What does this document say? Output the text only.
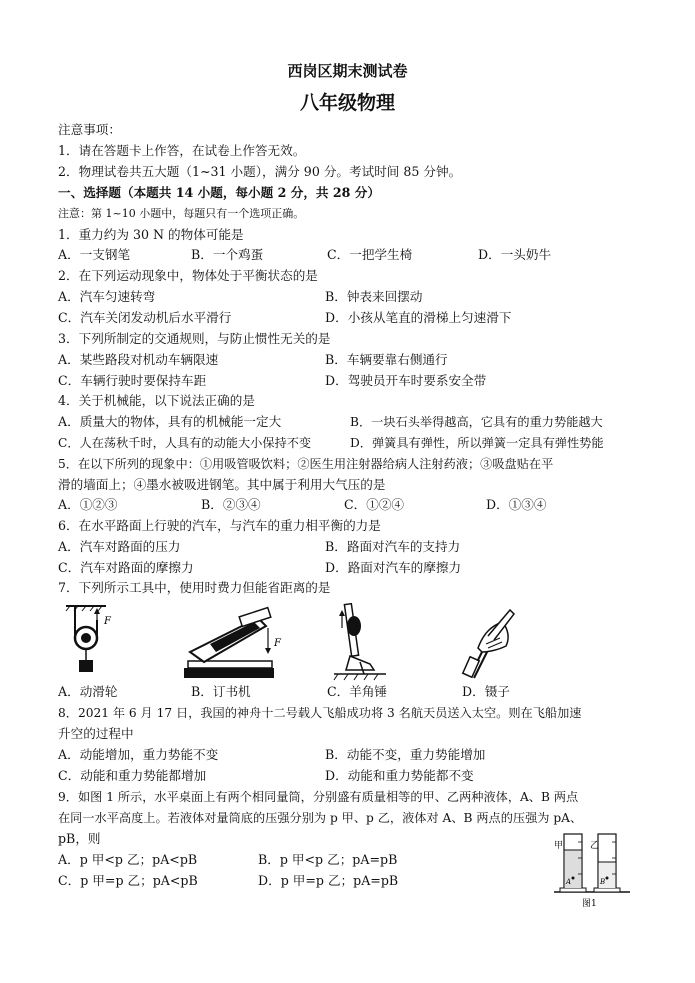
西岗区期末测试卷
八年级物理
注意事项：
1．请在答题卡上作答，在试卷上作答无效。
2．物理试卷共五大题（1~31 小题），满分 90 分。考试时间 85 分钟。
一、选择题（本题共 14 小题，每小题 2 分，共 28 分）
注意：第 1~10 小题中，每题只有一个选项正确。
1．重力约为 30 N 的物体可能是
A．一支钢笔	B．一个鸡蛋	C．一把学生椅	D．一头奶牛
2．在下列运动现象中，物体处于平衡状态的是
A．汽车匀速转弯	B．钟表来回摆动
C．汽车关闭发动机后水平滑行	D．小孩从笔直的滑梯上匀速滑下
3．下列所制定的交通规则，与防止惯性无关的是
A．某些路段对机动车辆限速	B．车辆要靠右侧通行
C．车辆行驶时要保持车距	D．驾驶员开车时要系安全带
4．关于机械能，以下说法正确的是
A．质量大的物体，具有的机械能一定大	B．一块石头举得越高，它具有的重力势能越大
C．人在荡秋千时，人具有的动能大小保持不变	D．弹簧具有弹性，所以弹簧一定具有弹性势能
5．在以下所列的现象中：①用吸管吸饮料；②医生用注射器给病人注射药液；③吸盘贴在平
滑的墙面上；④墨水被吸进钢笔。其中属于利用大气压的是
A．①②③	B．②③④	C．①②④	D．①③④
6．在水平路面上行驶的汽车，与汽车的重力相平衡的力是
A．汽车对路面的压力	B．路面对汽车的支持力
C．汽车对路面的摩擦力	D．路面对汽车的摩擦力
7．下列所示工具中，使用时费力但能省距离的是
F
F
A．动滑轮	B．订书机	C．羊角锤	D．镊子
8．2021 年 6 月 17 日，我国的神舟十二号载人飞船成功将 3 名航天员送入太空。则在飞船加速
升空的过程中
A．动能增加，重力势能不变	B．动能不变，重力势能增加
C．动能和重力势能都增加	D．动能和重力势能都不变
9．如图 1 所示，水平桌面上有两个相同量筒，分别盛有质量相等的甲、乙两种液体，A、B 两点
在同一水平高度上。若液体对量筒底的压强分别为 p 甲、p 乙，液体对 A、B 两点的压强为 pA、
pB，则
A．p 甲<p 乙；pA<pB	B．p 甲<p 乙；pA=pB
C．p 甲=p 乙；pA<pB	D．p 甲=p 乙；pA=pB
甲	乙
A	B
图1
